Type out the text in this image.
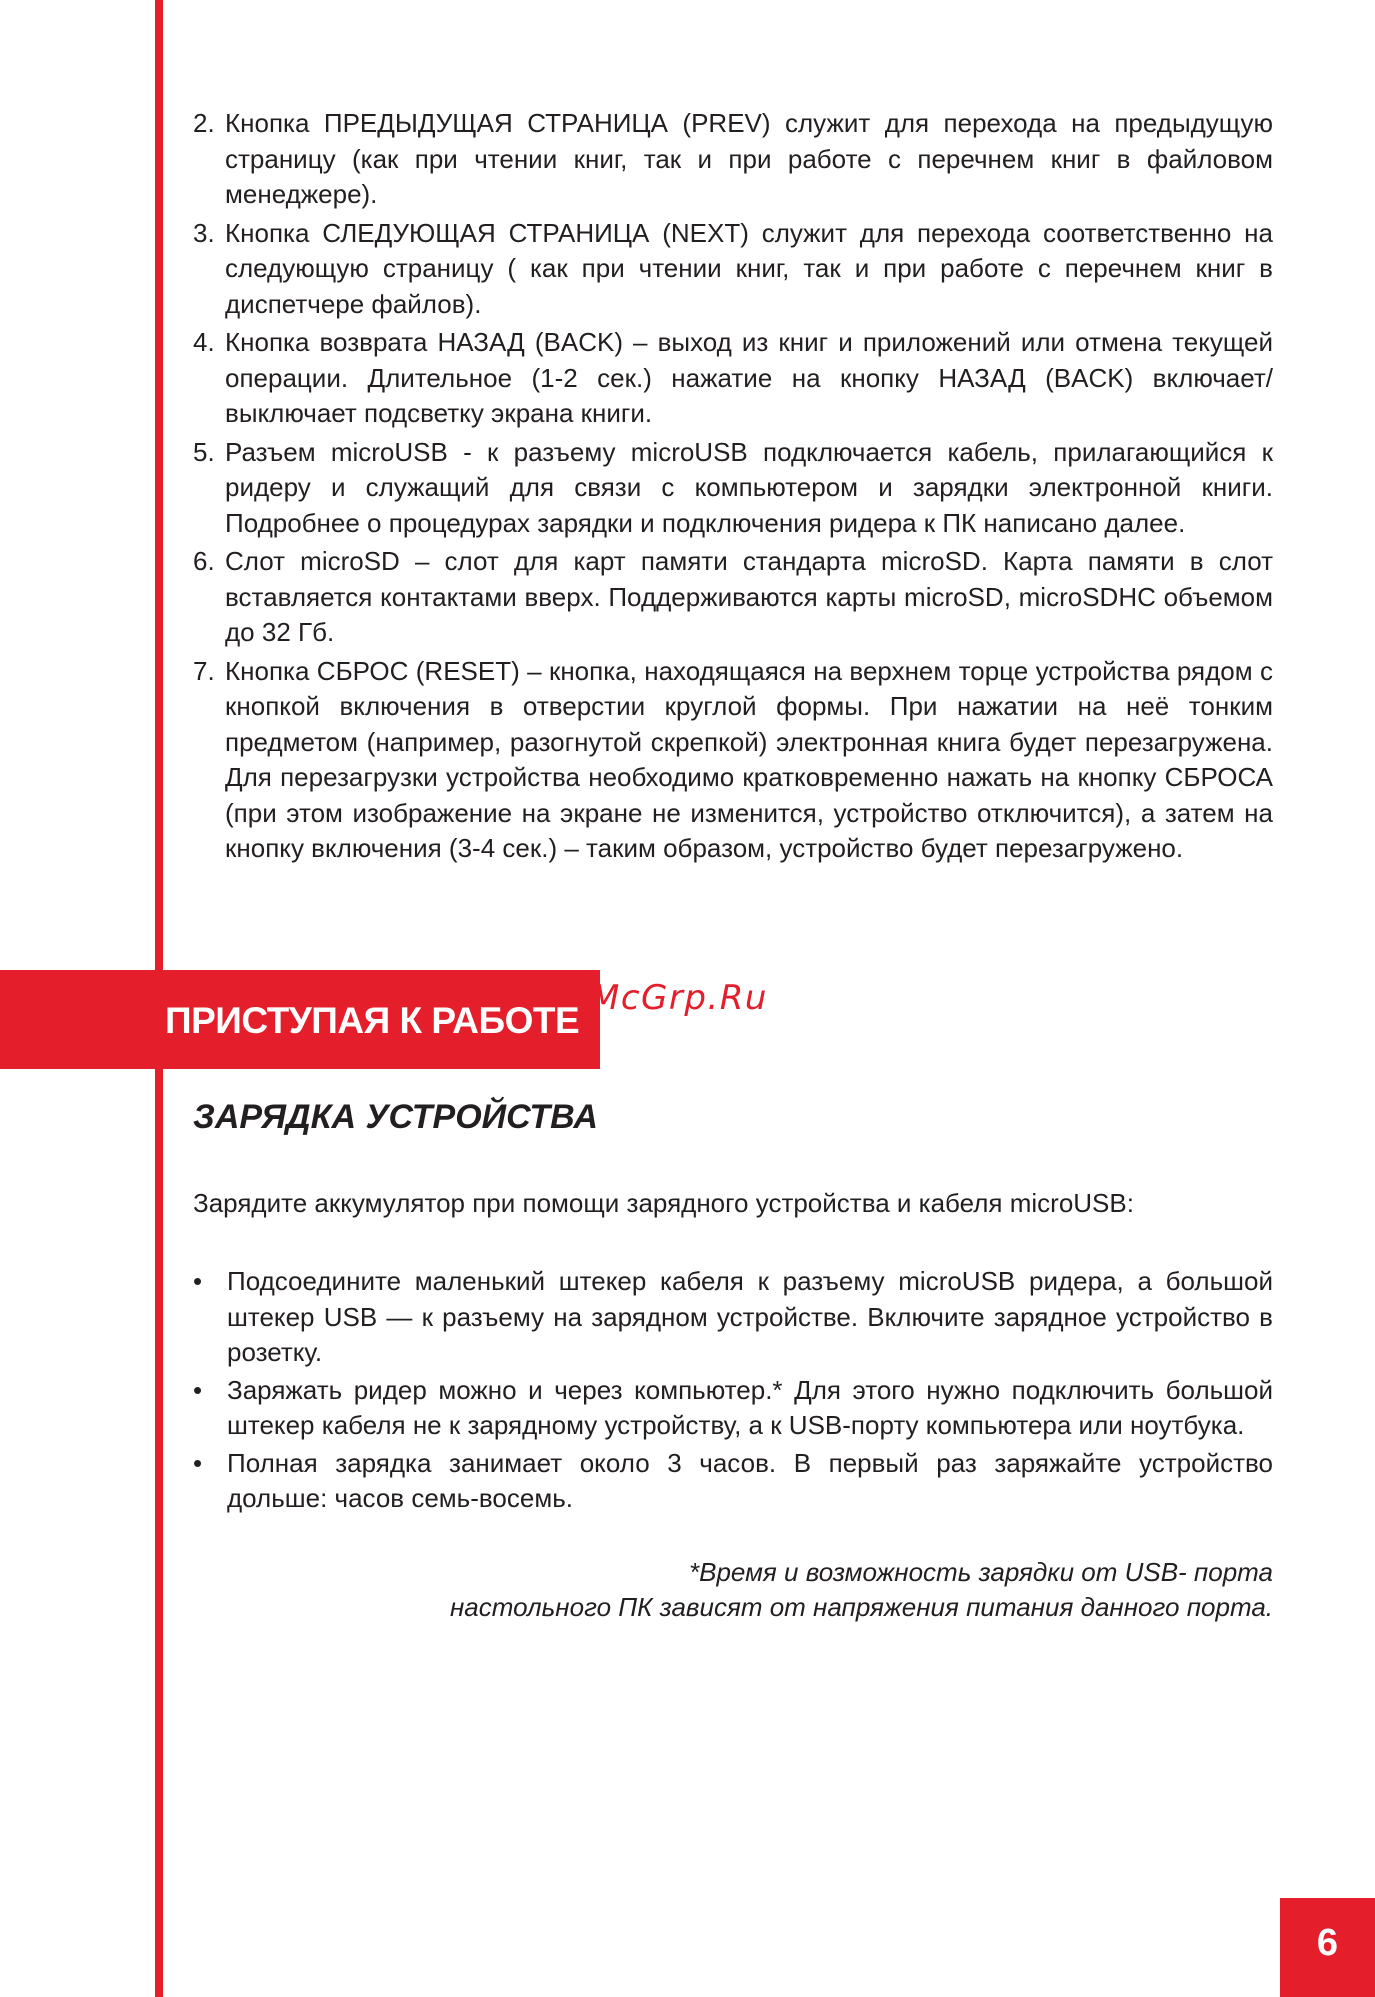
2. Кнопка ПРЕДЫДУЩАЯ СТРАНИЦА (PREV) служит для перехода на предыдущую страницу (как при чтении книг, так и при работе с перечнем книг в файловом менеджере).
3. Кнопка СЛЕДУЮЩАЯ СТРАНИЦА (NEXT) служит для перехода соответственно на следующую страницу ( как при чтении книг, так и при работе с перечнем книг в диспетчере файлов).
4. Кнопка возврата НАЗАД (BACK) – выход из книг и приложений или отмена текущей операции. Длительное (1-2 сек.) нажатие на кнопку НАЗАД (BACK) включает/выключает подсветку экрана книги.
5. Разъем microUSB - к разъему microUSB подключается кабель, прилагающийся к ридеру и служащий для связи с компьютером и зарядки электронной книги. Подробнее о процедурах зарядки и подключения ридера к ПК написано далее.
6. Слот microSD – слот для карт памяти стандарта microSD. Карта памяти в слот вставляется контактами вверх. Поддерживаются карты microSD, microSDHC объемом до 32 Гб.
7. Кнопка СБРОС (RESET) – кнопка, находящаяся на верхнем торце устройства рядом с кнопкой включения в отверстии круглой формы. При нажатии на неё тонким предметом (например, разогнутой скрепкой) электронная книга будет перезагружена. Для перезагрузки устройства необходимо кратковременно нажать на кнопку СБРОСА (при этом изображение на экране не изменится, устройство отключится), а затем на кнопку включения (3-4 сек.) – таким образом, устройство будет перезагружено.
ПРИСТУПАЯ К РАБОТЕ
McGrp.Ru
ЗАРЯДКА УСТРОЙСТВА

Зарядите аккумулятор при помощи зарядного устройства и кабеля microUSB:

• Подсоедините маленький штекер кабеля к разъему microUSB ридера, а большой штекер USB — к разъему на зарядном устройстве. Включите зарядное устройство в розетку.
• Заряжать ридер можно и через компьютер.* Для этого нужно подключить большой штекер кабеля не к зарядному устройству, а к USB-порту компьютера или ноутбука.
• Полная зарядка занимает около 3 часов. В первый раз заряжайте устройство дольше: часов семь-восемь.
*Время и возможность зарядки от USB- порта
настольного ПК зависят от напряжения питания данного порта.
6
